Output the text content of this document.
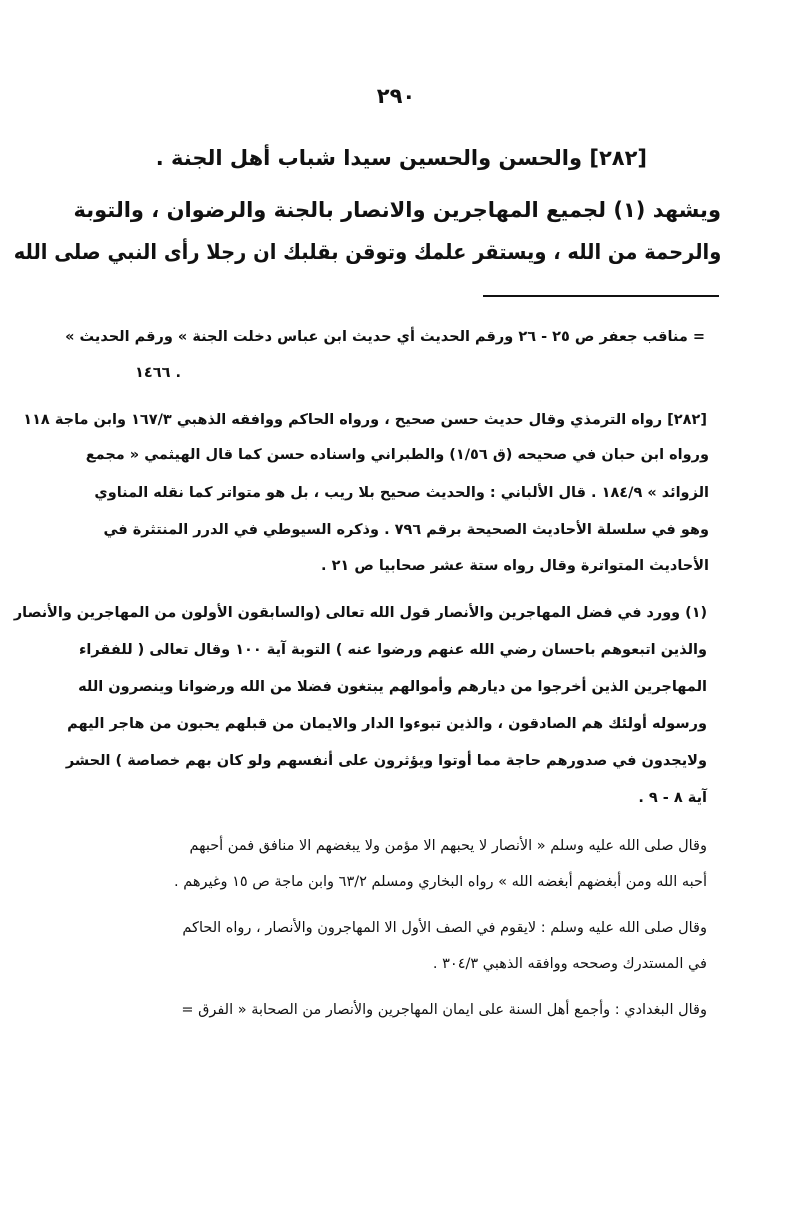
٢٩٠
[٢٨٢] والحسن والحسين سيدا شباب أهل الجنة .
ويشهد (١) لجميع المهاجرين والانصار بالجنة والرضوان ، والتوبة
والرحمة من الله ، ويستقر علمك وتوقن بقلبك ان رجلا رأى النبي صلى الله
= مناقب جعفر ص ٢٥ - ٢٦ ورقم الحديث أي حديث ابن عباس دخلت الجنة » ورقم الحديث »
١٤٦٦ .
[٢٨٢] رواه الترمذي وقال حديث حسن صحيح ، ورواه الحاكم ووافقه الذهبي ١٦٧/٣ وابن ماجة ١١٨
ورواه ابن حبان في صحيحه (ق ١/٥٦) والطبراني واسناده حسن كما قال الهيثمي « مجمع
الزوائد » ١٨٤/٩ . قال الألباني : والحديث صحيح بلا ريب ، بل هو متواتر كما نقله المناوي
وهو في سلسلة الأحاديث الصحيحة برقم ٧٩٦ . وذكره السيوطي في الدرر المنتثرة في
الأحاديث المتواترة وقال رواه ستة عشر صحابيا ص ٢١ .
(١) وورد في فضل المهاجرين والأنصار قول الله تعالى (والسابقون الأولون من المهاجرين والأنصار
والذين اتبعوهم باحسان رضي الله عنهم ورضوا عنه ) التوبة آية ١٠٠ وقال تعالى ( للفقراء
المهاجرين الذين أخرجوا من ديارهم وأموالهم يبتغون فضلا من الله ورضوانا وينصرون الله
ورسوله أولئك هم الصادقون ، والذين تبوءوا الدار والايمان من قبلهم يحبون من هاجر اليهم
ولايجدون في صدورهم حاجة مما أوتوا ويؤثرون على أنفسهم ولو كان بهم خصاصة ) الحشر
آية ٨ - ٩ .
وقال صلى الله عليه وسلم « الأنصار لا يحبهم الا مؤمن ولا يبغضهم الا منافق فمن أحبهم
أحبه الله ومن أبغضهم أبغضه الله » رواه البخاري ومسلم ٦٣/٢ وابن ماجة ص ١٥ وغيرهم .
وقال صلى الله عليه وسلم : لايقوم في الصف الأول الا المهاجرون والأنصار ، رواه الحاكم
في المستدرك وصححه ووافقه الذهبي ٣٠٤/٣ .
وقال البغدادي : وأجمع أهل السنة على ايمان المهاجرين والأنصار من الصحابة « الفرق =
